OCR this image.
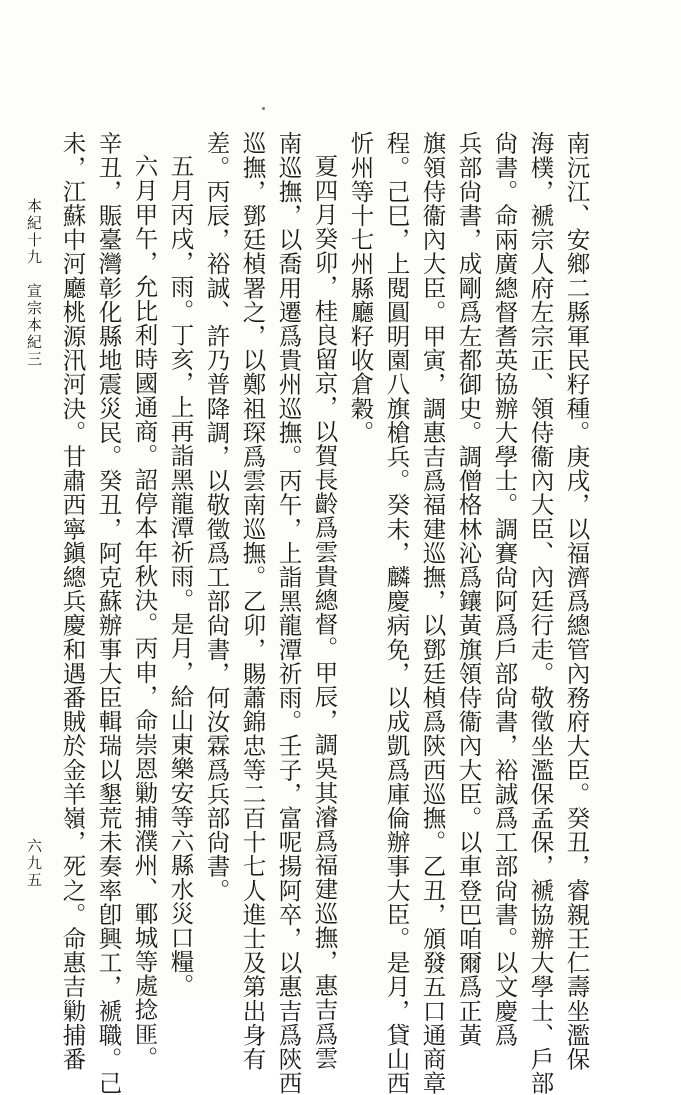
南沅江、安鄉二縣軍民籽種。庚戌，以福濟爲總管內務府大臣。癸丑，睿親王仁壽坐濫保
海樸，褫宗人府左宗正、領侍衞內大臣、內廷行走。敬徵坐濫保孟保，褫協辦大學士、戶部
尙書。命兩廣總督耆英協辦大學士。調賽尙阿爲戶部尙書，裕誠爲工部尙書。以文慶爲
兵部尙書，成剛爲左都御史。調僧格林沁爲鑲黃旗領侍衞內大臣。以車登巴咱爾爲正黃
旗領侍衞內大臣。甲寅，調惠吉爲福建巡撫，以鄧廷楨爲陝西巡撫。乙丑，頒發五口通商章
程。己巳，上閱圓明園八旗槍兵。癸未，麟慶病免，以成凱爲庫倫辦事大臣。是月，貸山西
忻州等十七州縣廳籽收倉穀。
夏四月癸卯，桂良留京，以賀長齡爲雲貴總督。甲辰，調吳其濬爲福建巡撫，惠吉爲雲
南巡撫，以喬用遷爲貴州巡撫。丙午，上詣黑龍潭祈雨。壬子，富呢揚阿卒，以惠吉爲陝西
巡撫，鄧廷楨署之，以鄭祖琛爲雲南巡撫。乙卯，賜蕭錦忠等二百十七人進士及第出身有
差。丙辰，裕誠、許乃普降調，以敬徵爲工部尙書，何汝霖爲兵部尙書。
五月丙戌，雨。丁亥，上再詣黑龍潭祈雨。是月，給山東樂安等六縣水災口糧。
六月甲午，允比利時國通商。詔停本年秋決。丙申，命崇恩勦捕濮州、鄆城等處捻匪。
辛丑，賑臺灣彰化縣地震災民。癸丑，阿克蘇辦事大臣輯瑞以墾荒未奏率卽興工，褫職。己
未，江蘇中河廳桃源汛河決。甘肅西寧鎭總兵慶和遇番賊於金羊嶺，死之。命惠吉勦捕番
本紀十九　宣宗本紀三
六九五
